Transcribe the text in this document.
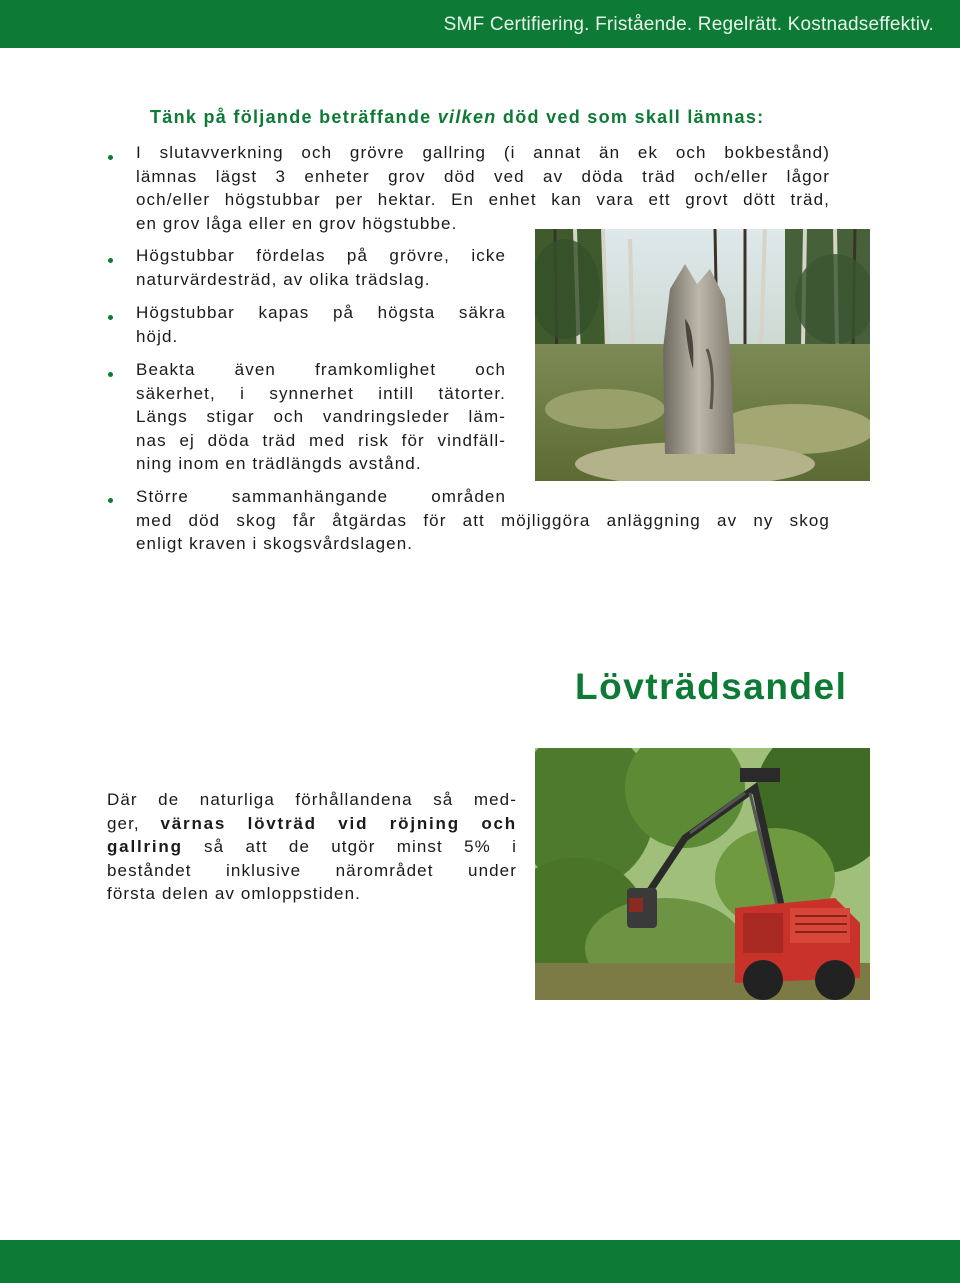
SMF Certifiering. Fristående. Regelrätt. Kostnadseffektiv.
Tänk på följande beträffande vilken död ved som skall lämnas:
I slutavverkning och grövre gallring (i annat än ek och bokbestånd)
lämnas lägst 3 enheter grov död ved av döda träd och/eller lågor
och/eller högstubbar per hektar. En enhet kan vara ett grovt dött träd,
en grov låga eller en grov högstubbe.
Högstubbar fördelas på grövre, icke
naturvärdesträd, av olika trädslag.
Högstubbar kapas på högsta säkra
höjd.
Beakta även framkomlighet och
säkerhet, i synnerhet intill tätorter.
Längs stigar och vandringsleder läm-
nas ej döda träd med risk för vindfäll-
ning inom en trädlängds avstånd.
Större sammanhängande områden
med död skog får åtgärdas för att möjliggöra anläggning av ny skog
enligt kraven i skogsvårdslagen.
Lövträdsandel
Där de naturliga förhållandena så med-
ger, värnas lövträd vid röjning och
gallring så att de utgör minst 5% i
beståndet inklusive närområdet under
första delen av omloppstiden.
